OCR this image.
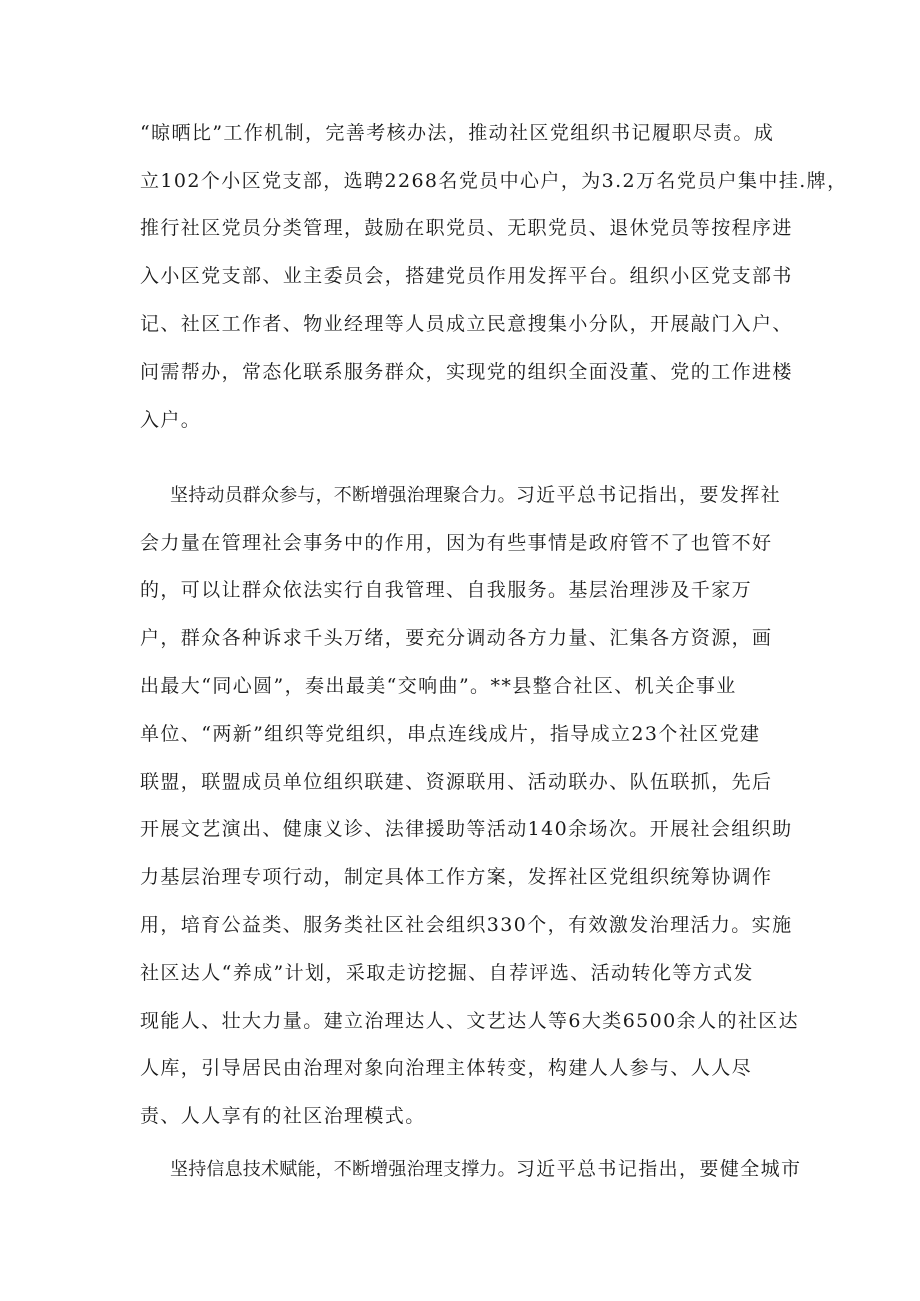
“晾晒比”工作机制，完善考核办法，推动社区党组织书记履职尽责。成
立102个小区党支部，选聘2268名党员中心户，为3.2万名党员户集中挂.牌，
推行社区党员分类管理，鼓励在职党员、无职党员、退休党员等按程序进
入小区党支部、业主委员会，搭建党员作用发挥平台。组织小区党支部书
记、社区工作者、物业经理等人员成立民意搜集小分队，开展敲门入户、
问需帮办，常态化联系服务群众，实现党的组织全面没董、党的工作进楼
入户。
坚持动员群众参与，不断增强治理聚合力。习近平总书记指出，要发挥社
会力量在管理社会事务中的作用，因为有些事情是政府管不了也管不好
的，可以让群众依法实行自我管理、自我服务。基层治理涉及千家万
户，群众各种诉求千头万绪，要充分调动各方力量、汇集各方资源，画
出最大“同心圆”，奏出最美“交响曲”。**县整合社区、机关企事业
单位、“两新”组织等党组织，串点连线成片，指导成立23个社区党建
联盟，联盟成员单位组织联建、资源联用、活动联办、队伍联抓，先后
开展文艺演出、健康义诊、法律援助等活动140余场次。开展社会组织助
力基层治理专项行动，制定具体工作方案，发挥社区党组织统筹协调作
用，培育公益类、服务类社区社会组织330个，有效激发治理活力。实施
社区达人“养成”计划，采取走访挖掘、自荐评选、活动转化等方式发
现能人、壮大力量。建立治理达人、文艺达人等6大类6500余人的社区达
人库，引导居民由治理对象向治理主体转变，构建人人参与、人人尽
责、人人享有的社区治理模式。
坚持信息技术赋能，不断增强治理支撑力。习近平总书记指出，要健全城市
